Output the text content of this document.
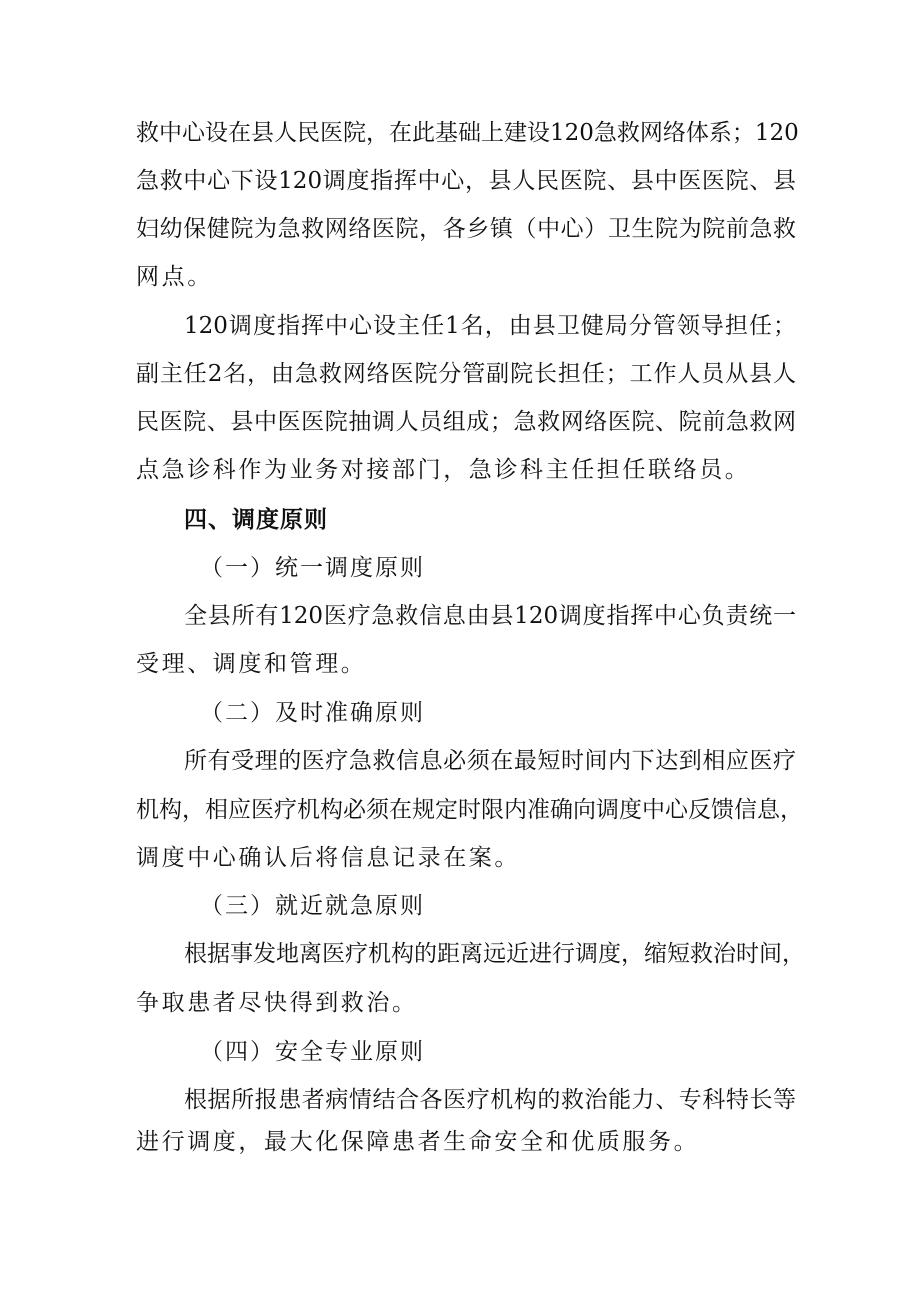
救中心设在县人民医院，在此基础上建设120急救网络体系；120
急救中心下设120调度指挥中心，县人民医院、县中医医院、县
妇幼保健院为急救网络医院，各乡镇（中心）卫生院为院前急救
网点。
120调度指挥中心设主任1名，由县卫健局分管领导担任；
副主任2名，由急救网络医院分管副院长担任；工作人员从县人
民医院、县中医医院抽调人员组成；急救网络医院、院前急救网
点急诊科作为业务对接部门，急诊科主任担任联络员。
四、调度原则
（一）统一调度原则
全县所有120医疗急救信息由县120调度指挥中心负责统一
受理、调度和管理。
（二）及时准确原则
所有受理的医疗急救信息必须在最短时间内下达到相应医疗
机构，相应医疗机构必须在规定时限内准确向调度中心反馈信息，
调度中心确认后将信息记录在案。
（三）就近就急原则
根据事发地离医疗机构的距离远近进行调度，缩短救治时间，
争取患者尽快得到救治。
（四）安全专业原则
根据所报患者病情结合各医疗机构的救治能力、专科特长等
进行调度，最大化保障患者生命安全和优质服务。
